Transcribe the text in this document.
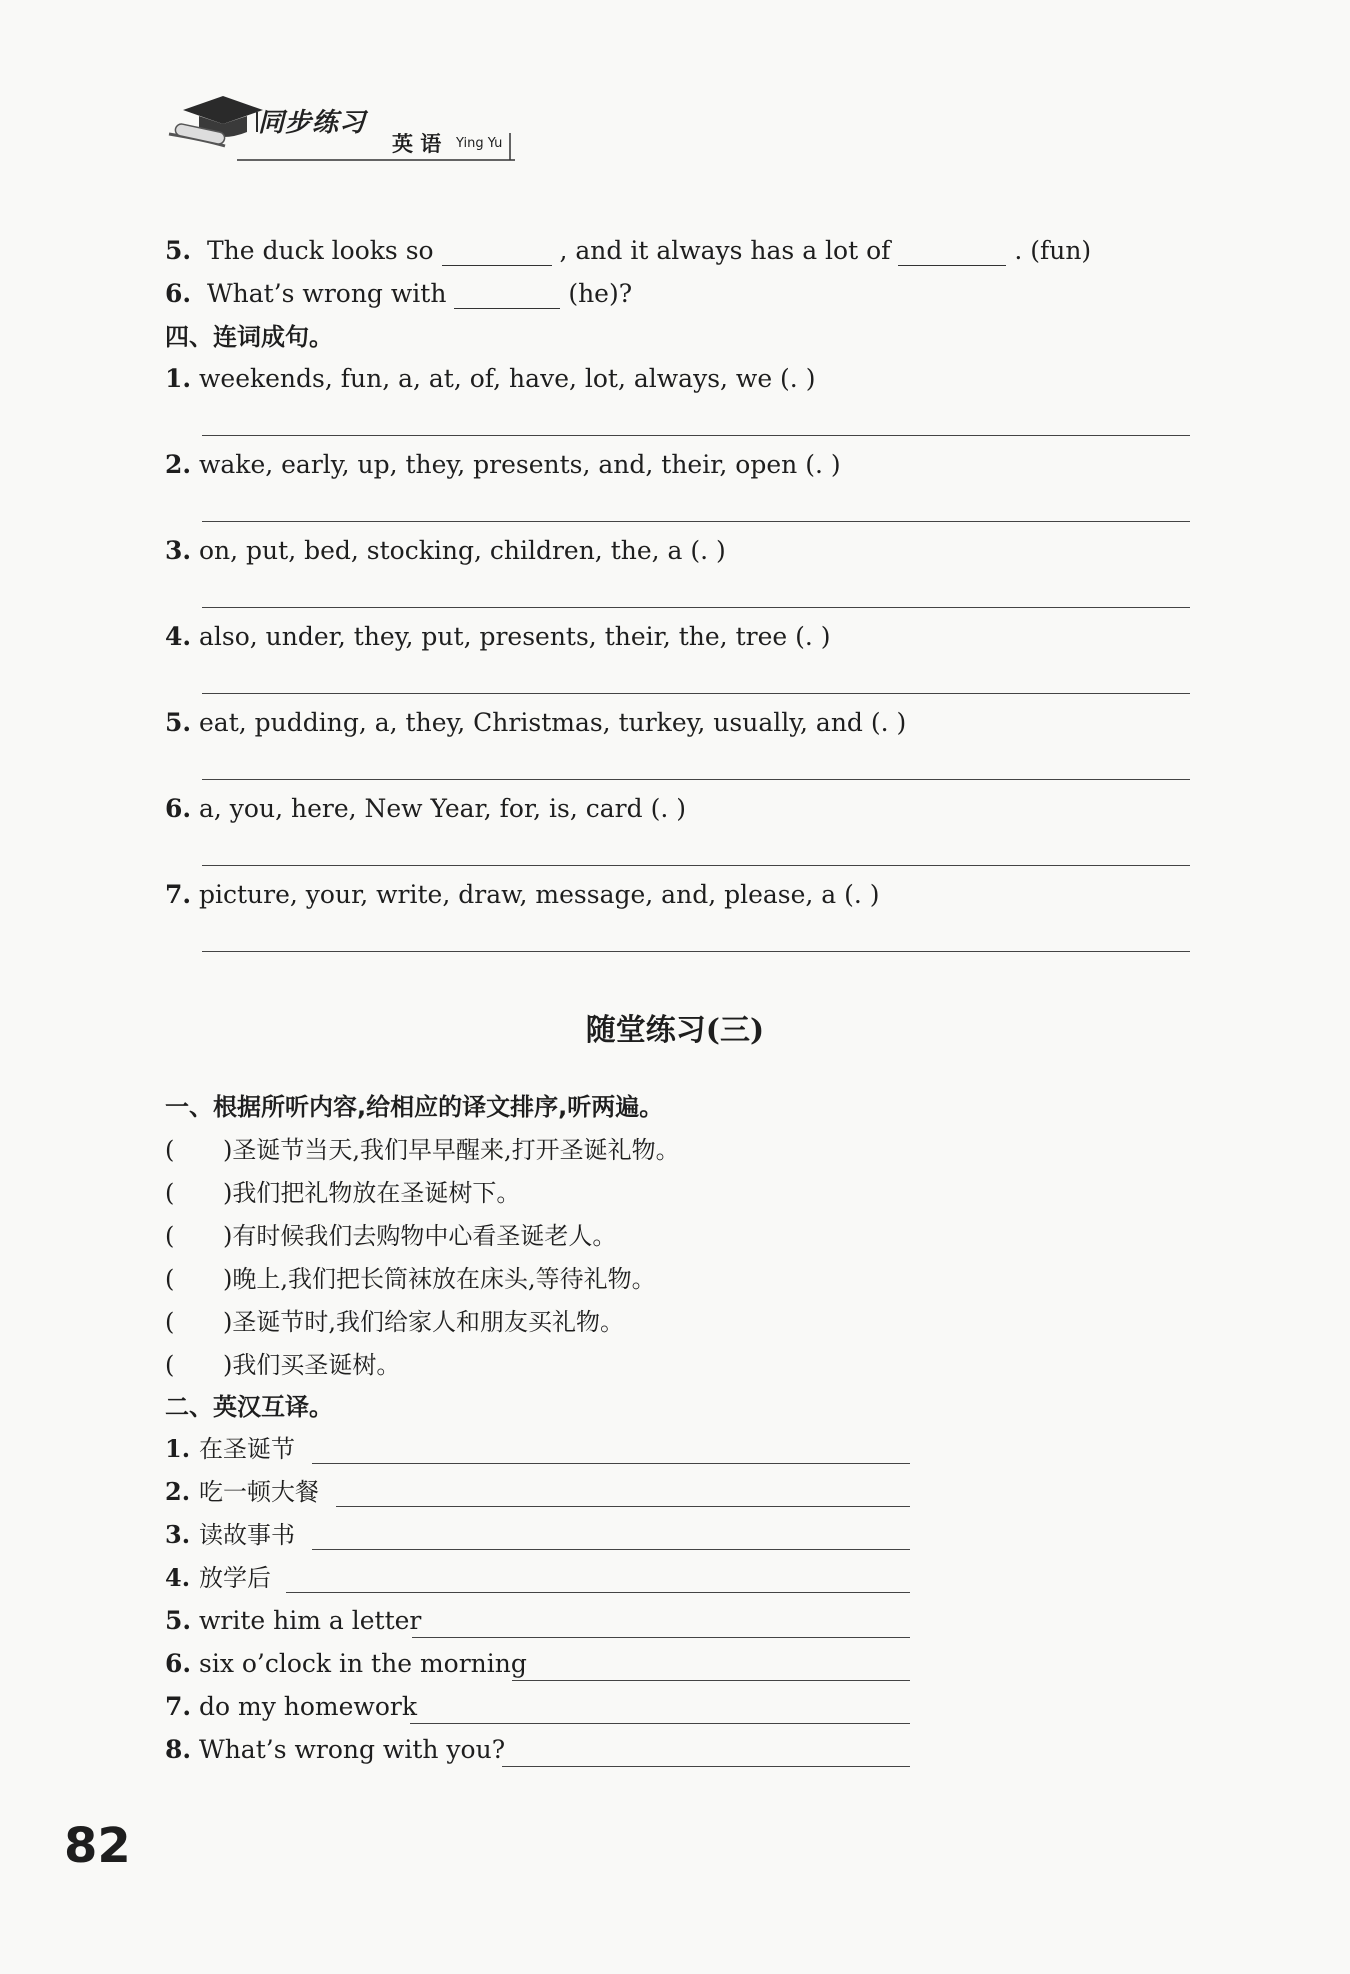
同步练习
英 语 Ying Yu
5. The duck looks so	, and it always has a lot of	. (fun)
6. What’s wrong with	(he)?
四、连词成句。
1. weekends, fun, a, at, of, have, lot, always, we (. )
2. wake, early, up, they, presents, and, their, open (. )
3. on, put, bed, stocking, children, the, a (. )
4. also, under, they, put, presents, their, the, tree (. )
5. eat, pudding, a, they, Christmas, turkey, usually, and (. )
6. a, you, here, New Year, for, is, card (. )
7. picture, your, write, draw, message, and, please, a (. )
随堂练习(三)
一、根据所听内容,给相应的译文排序,听两遍。
( )圣诞节当天,我们早早醒来,打开圣诞礼物。
( )我们把礼物放在圣诞树下。
( )有时候我们去购物中心看圣诞老人。
( )晚上,我们把长筒袜放在床头,等待礼物。
( )圣诞节时,我们给家人和朋友买礼物。
( )我们买圣诞树。
二、英汉互译。
1. 在圣诞节
2. 吃一顿大餐
3. 读故事书
4. 放学后
5. write him a letter
6. six o’clock in the morning
7. do my homework
8. What’s wrong with you?
82
